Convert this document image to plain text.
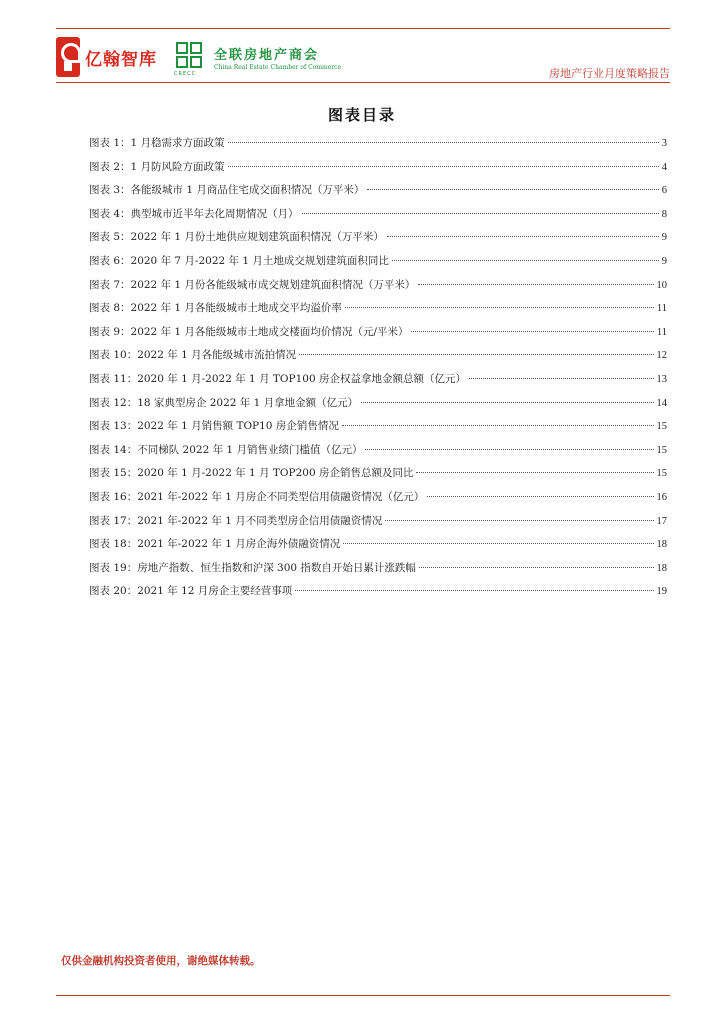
亿翰智库
CRECC
全联房地产商会
China Real Estate Chamber of Commerce	房地产行业月度策略报告
图表目录
图表 1：1 月稳需求方面政策	3
图表 2：1 月防风险方面政策	4
图表 3：各能级城市 1 月商品住宅成交面积情况（万平米）	6
图表 4：典型城市近半年去化周期情况（月）	8
图表 5：2022 年 1 月份土地供应规划建筑面积情况（万平米）	9
图表 6：2020 年 7 月-2022 年 1 月土地成交规划建筑面积同比	9
图表 7：2022 年 1 月份各能级城市成交规划建筑面积情况（万平米）	10
图表 8：2022 年 1 月各能级城市土地成交平均溢价率	11
图表 9：2022 年 1 月各能级城市土地成交楼面均价情况（元/平米）	11
图表 10：2022 年 1 月各能级城市流拍情况	12
图表 11：2020 年 1 月-2022 年 1 月 TOP100 房企权益拿地金额总额（亿元）	13
图表 12：18 家典型房企 2022 年 1 月拿地金额（亿元）	14
图表 13：2022 年 1 月销售额 TOP10 房企销售情况	15
图表 14：不同梯队 2022 年 1 月销售业绩门槛值（亿元）	15
图表 15：2020 年 1 月-2022 年 1 月 TOP200 房企销售总额及同比	15
图表 16：2021 年-2022 年 1 月房企不同类型信用债融资情况（亿元）	16
图表 17：2021 年-2022 年 1 月不同类型房企信用债融资情况	17
图表 18：2021 年-2022 年 1 月房企海外债融资情况	18
图表 19：房地产指数、恒生指数和沪深 300 指数自开始日累计涨跌幅	18
图表 20：2021 年 12 月房企主要经营事项	19
仅供金融机构投资者使用，谢绝媒体转载。
